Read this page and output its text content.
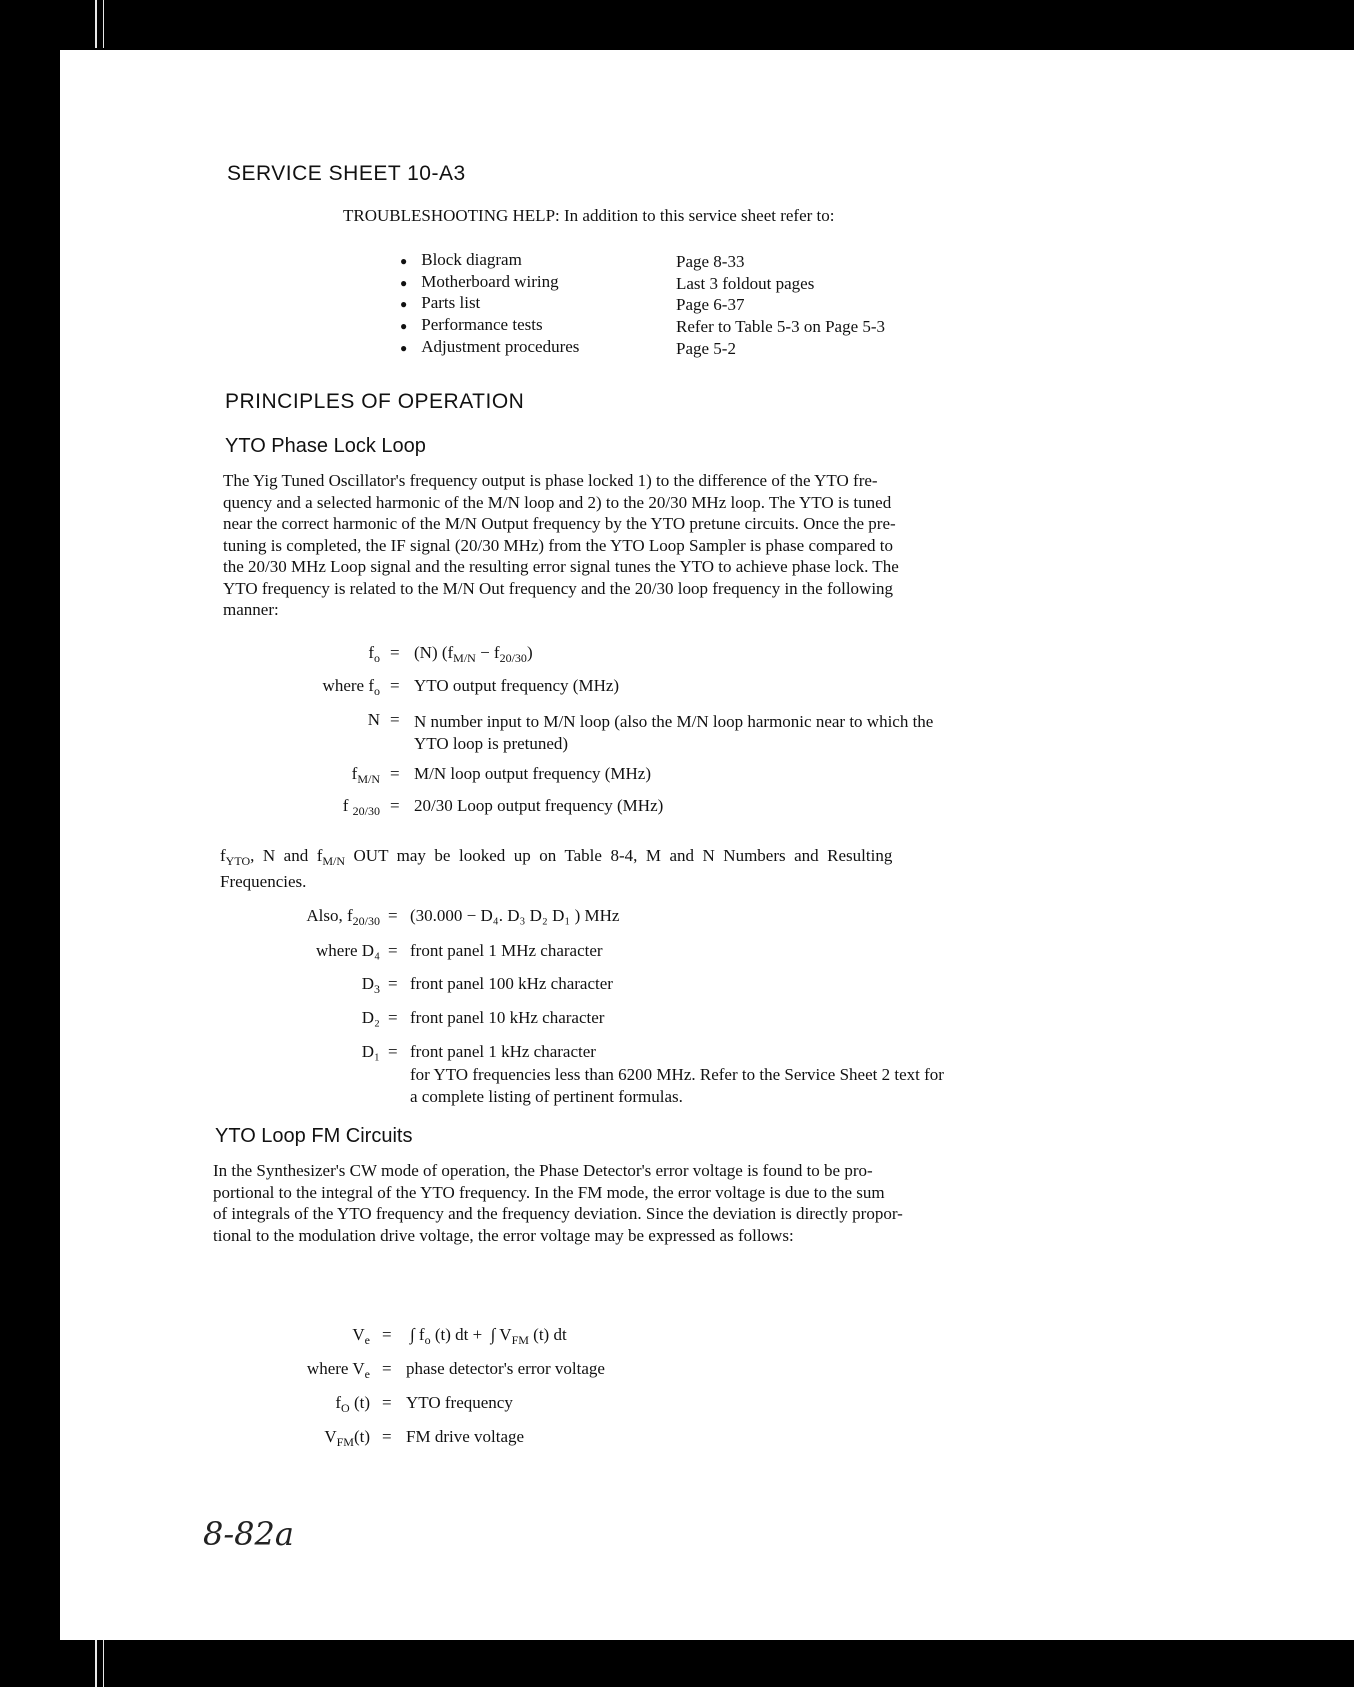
SERVICE SHEET 10-A3
TROUBLESHOOTING HELP: In addition to this service sheet refer to:
● Block diagram	Page 8-33
● Motherboard wiring	Last 3 foldout pages
● Parts list	Page 6-37
● Performance tests	Refer to Table 5-3 on Page 5-3
● Adjustment procedures	Page 5-2
PRINCIPLES OF OPERATION
YTO Phase Lock Loop
The Yig Tuned Oscillator's frequency output is phase locked 1) to the difference of the YTO fre-
quency and a selected harmonic of the M/N loop and 2) to the 20/30 MHz loop. The YTO is tuned
near the correct harmonic of the M/N Output frequency by the YTO pretune circuits. Once the pre-
tuning is completed, the IF signal (20/30 MHz) from the YTO Loop Sampler is phase compared to
the 20/30 MHz Loop signal and the resulting error signal tunes the YTO to achieve phase lock. The
YTO frequency is related to the M/N Out frequency and the 20/30 loop frequency in the following
manner:
$f_o = (N) (f_{M/N} - f_{20/30})$
where $f_o$ = YTO output frequency (MHz)
N = N number input to M/N loop (also the M/N loop harmonic near to which the
YTO loop is pretuned)
$f_{M/N} = M/N$ loop output frequency (MHz)
f $_{20/30}$ = 20/30 Loop output frequency (MHz)
$f_{YTO}$,  N  and  $f_{M/N}$  OUT  may  be  looked  up  on  Table  8-4,  M  and  N  Numbers  and  Resulting
Frequencies.
Also, $f_{20/30} = (30.000 - D_4$. D₃ D₂ D₁ ) MHz
where D₄ = front panel 1 MHz character
$D_3$ = front panel 100 kHz character
D₂ = front panel 10 kHz character
D₁ = front panel 1 kHz character
for YTO frequencies less than 6200 MHz. Refer to the Service Sheet 2 text for
a complete listing of pertinent formulas.
YTO Loop FM Circuits
In the Synthesizer's CW mode of operation, the Phase Detector's error voltage is found to be pro-
portional to the integral of the YTO frequency. In the FM mode, the error voltage is due to the sum
of integrals of the YTO frequency and the frequency deviation. Since the deviation is directly propor-
tional to the modulation drive voltage, the error voltage may be expressed as follows:
$V_e$ = ∫ $f_o$ (t) dt +  ∫ $V_{FM}$ (t) dt
where $V_e$ = phase detector's error voltage
$f_O$ (t) = YTO frequency
$V_{FM}(t)$ = FM drive voltage
8-82a
